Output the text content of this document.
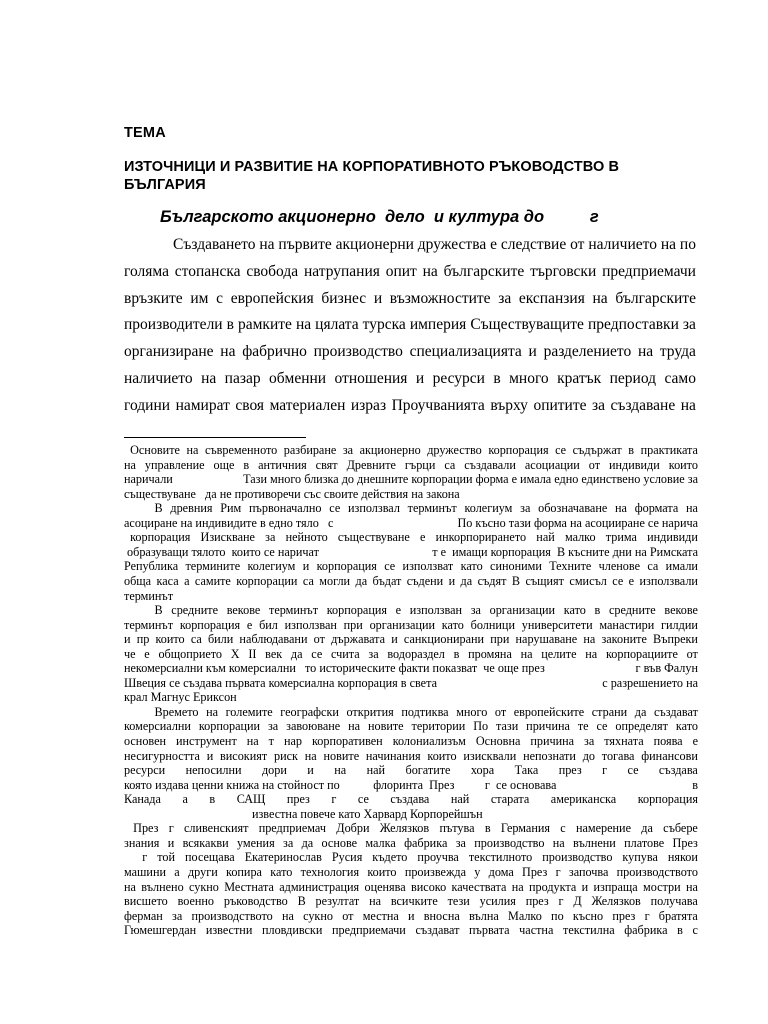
ТЕМА
ИЗТОЧНИЦИ И РАЗВИТИЕ НА КОРПОРАТИВНОТО РЪКОВОДСТВО В БЪЛГАРИЯ
Българското акционерно  дело  и култура до          г
Създаването на първите акционерни дружества е следствие от наличието на по
голяма стопанска свобода натрупания опит на българските търговски предприемачи
връзките им с европейския бизнес и възможностите за експанзия на българските
производители в рамките на цялата турска империя Съществуващите предпоставки за
организиране на фабрично производство специализацията и разделението на труда
наличието на пазар обменни отношения и ресурси в много кратък период само
години намират своя материален израз Проучванията върху опитите за създаване на
Основите на съвременното разбиране за акционерно дружество корпорация се съдържат в практиката
на управление още в античния свят Древните гърци са създавали асоциации от индивиди които
наричали	Тази много близка до днешните корпорации форма е имала едно единствено условие за
съществуване   да не противоречи със своите действия на закона
В древния Рим първоначално се използвал терминът колегиум за обозначаване на формата на
асоциране на индивидите в едно тяло   с	По късно тази форма на асоцииране се нарича
корпорация Изискване за нейното съществуване е инкорпорирането най малко трима индивиди
образуващи тялото  които се наричат	т е  имащи корпорация  В късните дни на Римската
Република термините колегиум и корпорация се използват като синоними Техните членове са имали
обща каса а самите корпорации са могли да бъдат съдени и да съдят В същият смисъл се е използвали
терминът
В средните векове терминът корпорация е използван за организации като в средните векове
терминът корпорация е бил използван при организации като болници университети манастири гилдии
и пр които са били наблюдавани от държавата и санкционирани при нарушаване на законите Въпреки
че е общоприето Х ІІ век да се счита за водораздел в промяна на целите на корпорациите от
некомерсиални към комерсиални   то историческите факти показват  че още през	г във Фалун
Швеция се създава първата комерсиална корпорация в света	с разрешението на
крал Магнус Ериксон
Времето на големите географски открития подтиква много от европейските страни да създават
комерсиални корпорации за завоюване на новите територии По тази причина те се определят като
основен инструмент на т нар корпоративен колониализъм Основна причина за тяхната поява е
несигурността и високият риск на новите начинания които изисквали непознати до тогава финансови
ресурси непосилни дори и на най богатите хора Така през г се създава
която издава ценни книжа на стойност по           флоринта  През          г  се основава	в
Канада а в САЩ през г се създава най старата американска корпорация
известна повече като Харвард Корпорейшън
През г сливенският предприемач Добри Желязков пътува в Германия с намерение да събере
знания и всякакви умения за да основе малка фабрика за производство на вълнени платове През
г той посещава Екатеринослав Русия където проучва текстилното производство купува някои
машини а други копира като технология които произвежда у дома През г започва производството
на вълнено сукно Местната администрация оценява високо качествата на продукта и изпраща мостри на
висшето военно ръководство В резултат на всичките тези усилия през г Д Желязков получава
ферман за производството на сукно от местна и вносна вълна Малко по късно през г братята
Гюмешгердан известни пловдивски предприемачи създават първата частна текстилна фабрика в с
